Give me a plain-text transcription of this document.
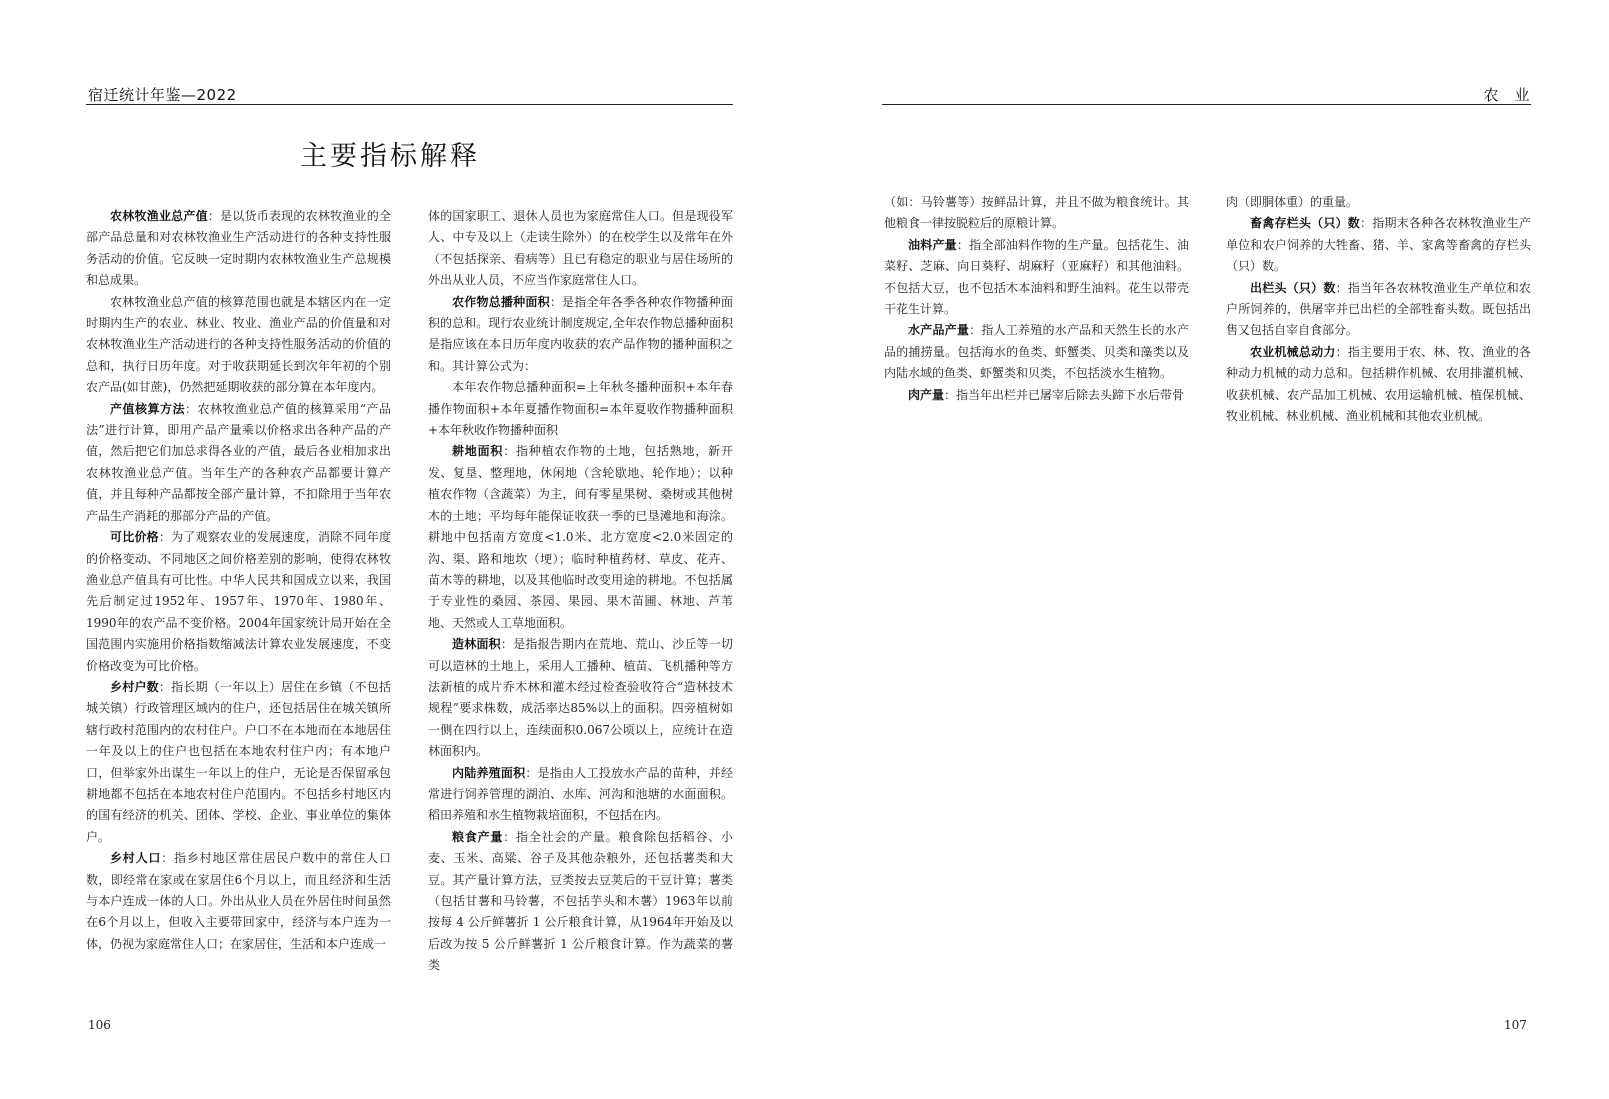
宿迁统计年鉴—2022
主要指标解释

农林牧渔业总产值：是以货币表现的农林牧渔业的全部产品总量和对农林牧渔业生产活动进行的各种支持性服务活动的价值。它反映一定时期内农林牧渔业生产总规模和总成果。

农林牧渔业总产值的核算范围也就是本辖区内在一定时期内生产的农业、林业、牧业、渔业产品的价值量和对农林牧渔业生产活动进行的各种支持性服务活动的价值的总和，执行日历年度。对于收获期延长到次年年初的个别农产品(如甘蔗)，仍然把延期收获的部分算在本年度内。

产值核算方法：农林牧渔业总产值的核算采用“产品法”进行计算，即用产品产量乘以价格求出各种产品的产值，然后把它们加总求得各业的产值，最后各业相加求出农林牧渔业总产值。当年生产的各种农产品都要计算产值，并且每种产品都按全部产量计算，不扣除用于当年农产品生产消耗的那部分产品的产值。

可比价格：为了观察农业的发展速度，消除不同年度的价格变动、不同地区之间价格差别的影响，使得农林牧渔业总产值具有可比性。中华人民共和国成立以来，我国先后制定过1952年、1957年、1970年、1980年、1990年的农产品不变价格。2004年国家统计局开始在全国范围内实施用价格指数缩减法计算农业发展速度，不变价格改变为可比价格。

乡村户数：指长期（一年以上）居住在乡镇（不包括城关镇）行政管理区域内的住户，还包括居住在城关镇所辖行政村范围内的农村住户。户口不在本地而在本地居住一年及以上的住户也包括在本地农村住户内；有本地户口，但举家外出谋生一年以上的住户，无论是否保留承包耕地都不包括在本地农村住户范围内。不包括乡村地区内的国有经济的机关、团体、学校、企业、事业单位的集体户。

乡村人口：指乡村地区常住居民户数中的常住人口数，即经常在家或在家居住6个月以上，而且经济和生活与本户连成一体的人口。外出从业人员在外居住时间虽然在6个月以上，但收入主要带回家中，经济与本户连为一体，仍视为家庭常住人口；在家居住，生活和本户连成一

体的国家职工、退休人员也为家庭常住人口。但是现役军人、中专及以上（走读生除外）的在校学生以及常年在外（不包括探亲、看病等）且已有稳定的职业与居住场所的外出从业人员，不应当作家庭常住人口。

农作物总播种面积：是指全年各季各种农作物播种面积的总和。现行农业统计制度规定,全年农作物总播种面积是指应该在本日历年度内收获的农产品作物的播种面积之和。其计算公式为：

本年农作物总播种面积=上年秋冬播种面积+本年春播作物面积+本年夏播作物面积=本年夏收作物播种面积+本年秋收作物播种面积

耕地面积：指种植农作物的土地，包括熟地，新开发、复垦、整理地，休闲地（含轮歇地、轮作地）；以种植农作物（含蔬菜）为主，间有零星果树、桑树或其他树木的土地；平均每年能保证收获一季的已垦滩地和海涂。耕地中包括南方宽度<1.0米、北方宽度<2.0米固定的沟、渠、路和地坎（埂）；临时种植药材、草皮、花卉、苗木等的耕地，以及其他临时改变用途的耕地。不包括属于专业性的桑园、茶园、果园、果木苗圃、林地、芦苇地、天然或人工草地面积。

造林面积：是指报告期内在荒地、荒山、沙丘等一切可以造林的土地上，采用人工播种、植苗、飞机播种等方法新植的成片乔木林和灌木经过检查验收符合“造林技术规程”要求株数，成活率达85%以上的面积。四旁植树如一侧在四行以上，连续面积0.067公顷以上，应统计在造林面积内。

内陆养殖面积：是指由人工投放水产品的苗种，并经常进行饲养管理的湖泊、水库、河沟和池塘的水面面积。稻田养殖和水生植物栽培面积，不包括在内。

粮食产量：指全社会的产量。粮食除包括稻谷、小麦、玉米、高粱、谷子及其他杂粮外，还包括薯类和大豆。其产量计算方法，豆类按去豆荚后的干豆计算；薯类（包括甘薯和马铃薯，不包括芋头和木薯）1963年以前按每 4 公斤鲜薯折 1 公斤粮食计算，从1964年开始及以后改为按 5 公斤鲜薯折 1 公斤粮食计算。作为蔬菜的薯类

106
农　业

（如：马铃薯等）按鲜品计算，并且不做为粮食统计。其他粮食一律按脱粒后的原粮计算。

油料产量：指全部油料作物的生产量。包括花生、油菜籽、芝麻、向日葵籽、胡麻籽（亚麻籽）和其他油料。不包括大豆，也不包括木本油料和野生油料。花生以带壳干花生计算。

水产品产量：指人工养殖的水产品和天然生长的水产品的捕捞量。包括海水的鱼类、虾蟹类、贝类和藻类以及内陆水域的鱼类、虾蟹类和贝类，不包括淡水生植物。

肉产量：指当年出栏并已屠宰后除去头蹄下水后带骨

肉（即胴体重）的重量。

畜禽存栏头（只）数：指期末各种各农林牧渔业生产单位和农户饲养的大牲畜、猪、羊、家禽等畜禽的存栏头（只）数。

出栏头（只）数：指当年各农林牧渔业生产单位和农户所饲养的，供屠宰并已出栏的全部牲畜头数。既包括出售又包括自宰自食部分。

农业机械总动力：指主要用于农、林、牧、渔业的各种动力机械的动力总和。包括耕作机械、农用排灌机械、收获机械、农产品加工机械、农用运输机械、植保机械、牧业机械、林业机械、渔业机械和其他农业机械。

107
